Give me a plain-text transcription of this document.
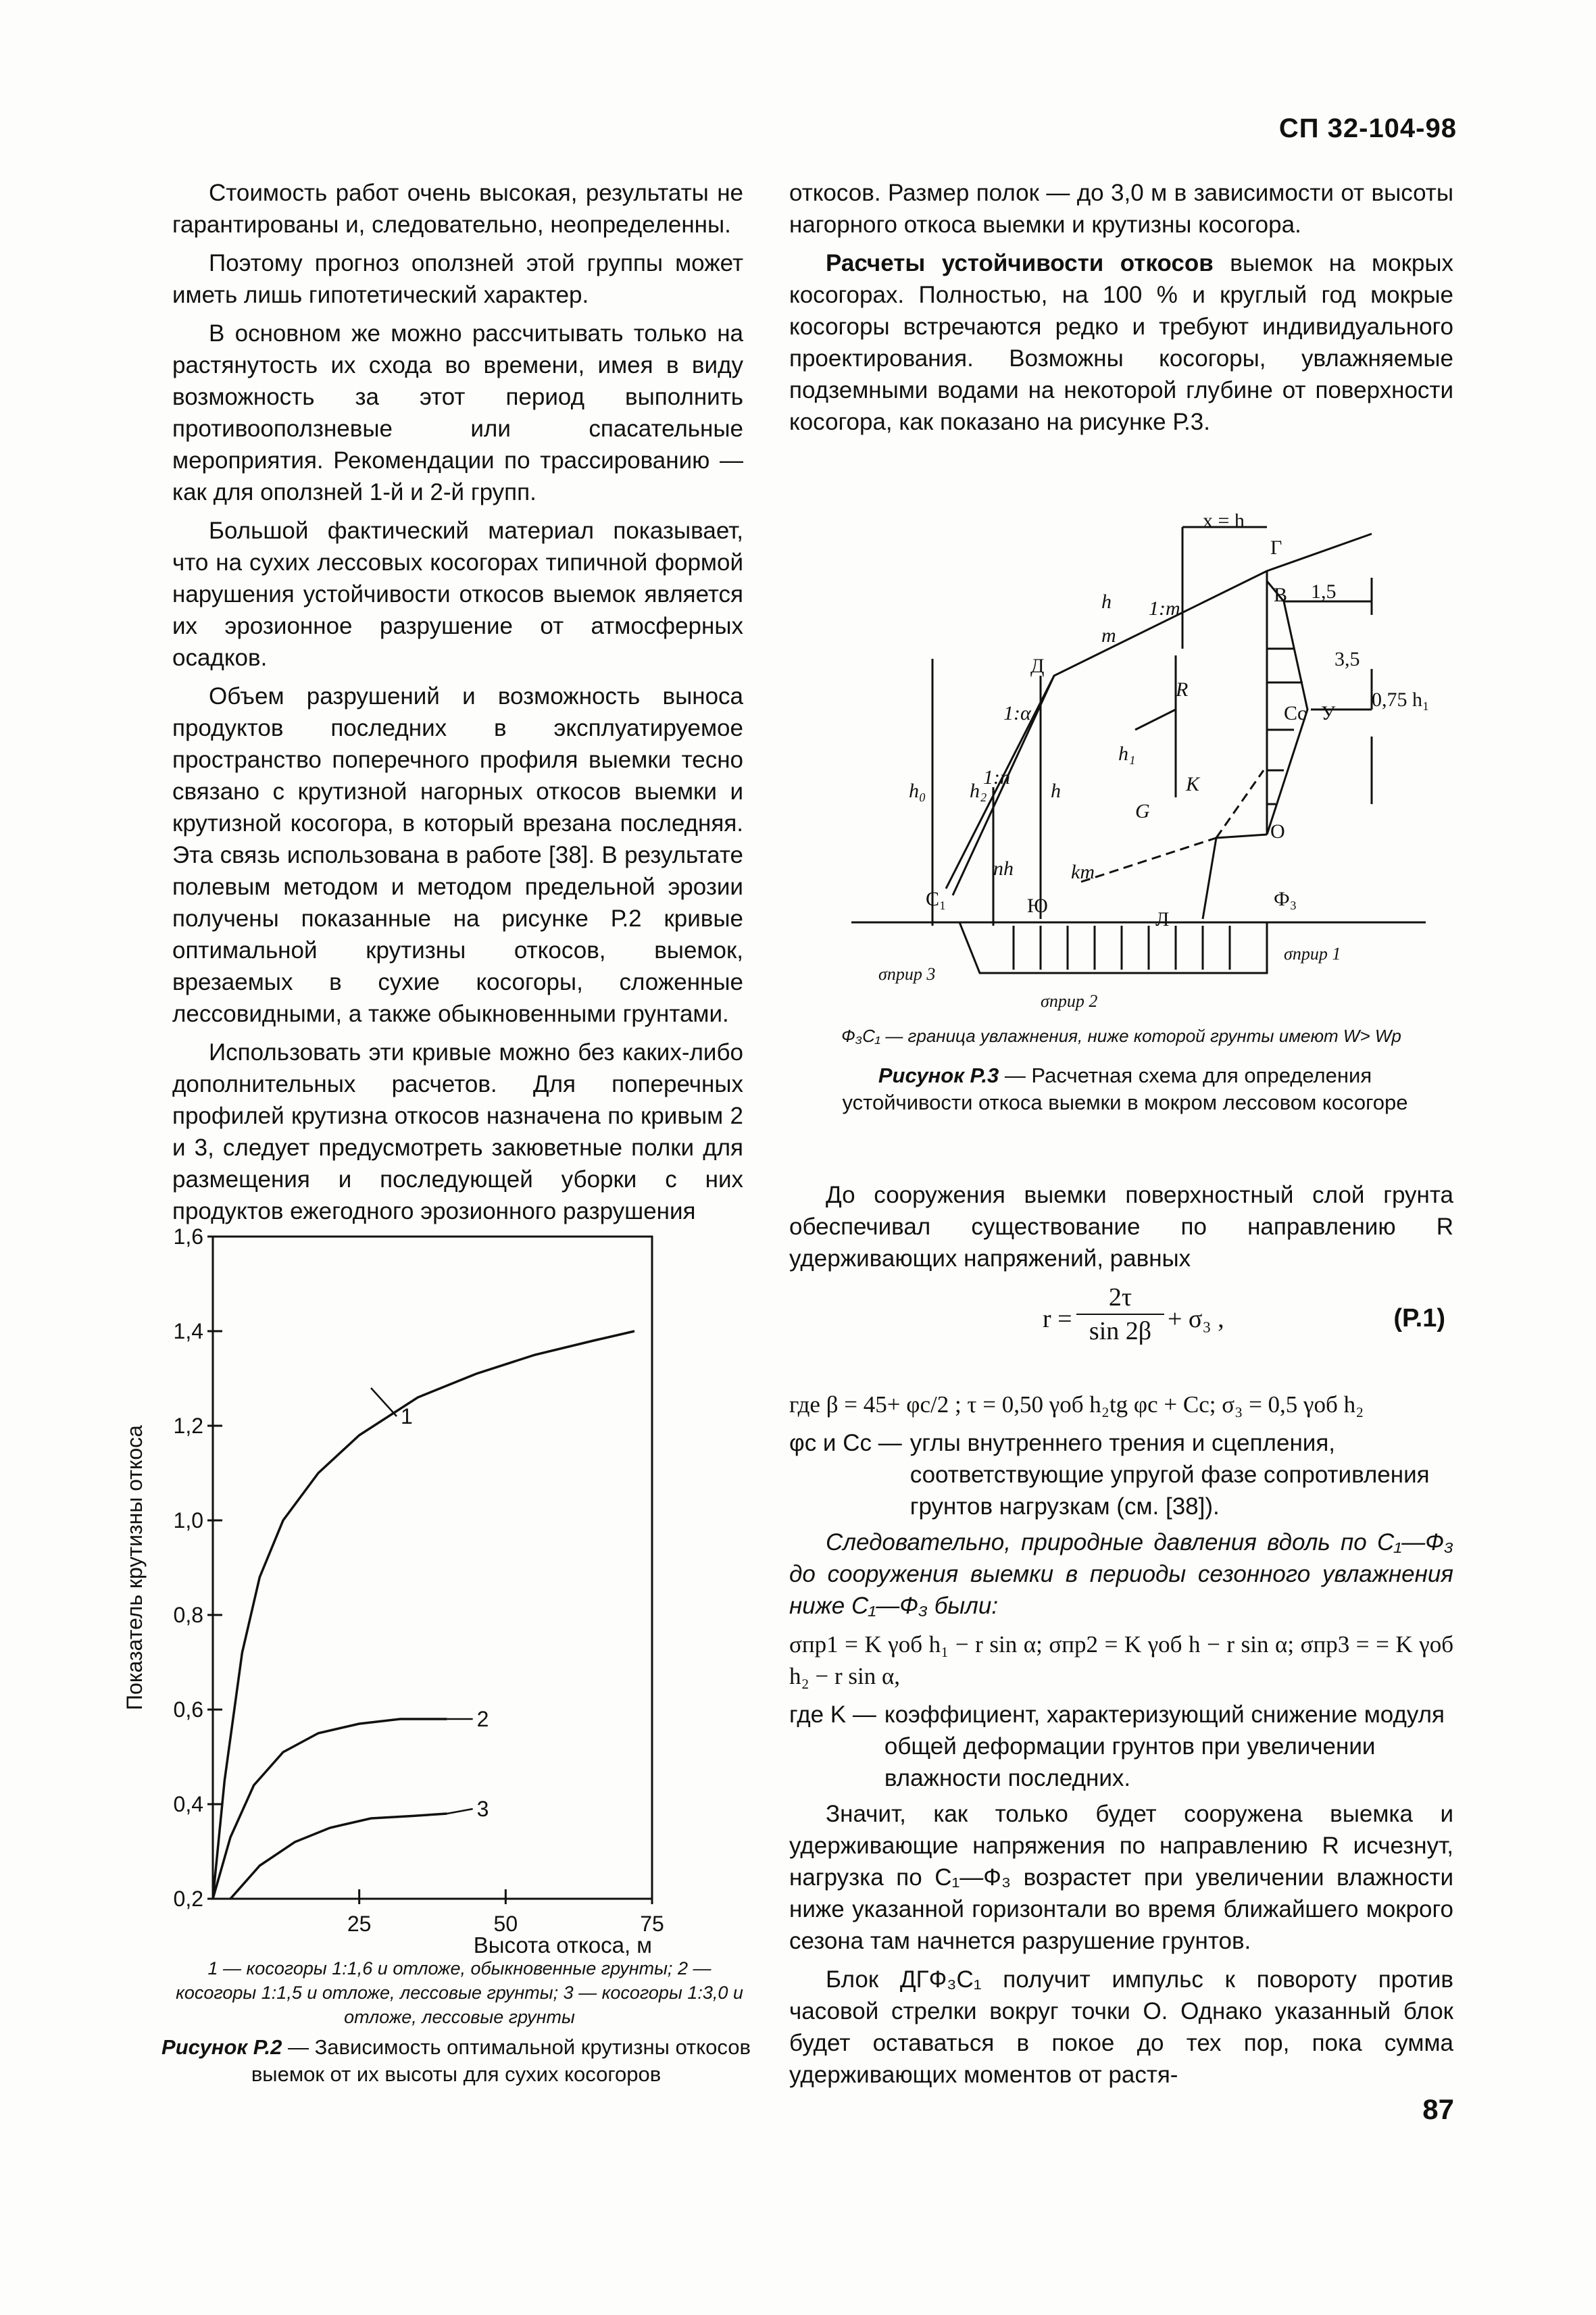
СП 32-104-98
87

Стоимость работ очень высокая, результаты не гарантированы и, следовательно, неопределенны.

Поэтому прогноз оползней этой группы может иметь лишь гипотетический характер.

В основном же можно рассчитывать только на растянутость их схода во времени, имея в виду возможность за этот период выполнить противооползневые или спасательные мероприятия. Рекомендации по трассированию — как для оползней 1-й и 2-й групп.

Большой фактический материал показывает, что на сухих лессовых косогорах типичной формой нарушения устойчивости откосов выемок является их эрозионное разрушение от атмосферных осадков.

Объем разрушений и возможность выноса продуктов последних в эксплуатируемое пространство поперечного профиля выемки тесно связано с крутизной нагорных откосов выемки и крутизной косогора, в который врезана последняя. Эта связь использована в работе [38]. В результате полевым методом и методом предельной эрозии получены показанные на рисунке Р.2 кривые оптимальной крутизны откосов, выемок, врезаемых в сухие косогоры, сложенные лессовидными, а также обыкновенными грунтами.

Использовать эти кривые можно без каких-либо дополнительных расчетов. Для поперечных профилей крутизна откосов назначена по кривым 2 и 3, следует предусмотреть закюветные полки для размещения и последующей уборки с них продуктов ежегодного эрозионного разрушения

Показатель крутизны откоса
0,2
0,4
0,6
0,8
1,0
1,2
1,4
1,6
25	50	75
1
2
3
Высота откоса, м
1 — косогоры 1:1,6 и отложе, обыкновенные грунты; 2 — косогоры 1:1,5 и отложе, лессовые грунты; 3 — косогоры 1:3,0 и отложе, лессовые грунты
Рисунок Р.2 — Зависимость оптимальной крутизны откосов выемок от их высоты для сухих косогоров

откосов. Размер полок — до 3,0 м в зависимости от высоты нагорного откоса выемки и крутизны косогора.

Расчеты устойчивости откосов выемок на мокрых косогорах. Полностью, на 100 % и круглый год мокрые косогоры встречаются редко и требуют индивидуального проектирования. Возможны косогоры, увлажняемые подземными водами на некоторой глубине от поверхности косогора, как показано на рисунке Р.3.

x = h
Г
В
Д
h
m
1:m
R
1,5
3,5
0,75 h₁
Cc У
1:α
1:n
h₀ h₂	h
h₁
K
G
О
nh	km
С₁	Ю
Л
Ф₃
σприр 1
σприр 2
σприр 3
Ф₃С₁ — граница увлажнения, ниже которой грунты имеют W> Wp
Рисунок Р.3 — Расчетная схема для определения устойчивости откоса выемки в мокром лессовом косогоре

До сооружения выемки поверхностный слой грунта обеспечивал существование по направлению R удерживающих напряжений, равных

$r = \frac{2\tau}{\sin 2\beta} + \sigma_3$ ,	(Р.1)

где β = 45+ φc/2 ; τ = 0,50 γоб h₂tg φc + Cc; σ₃ = 0,5 γоб h₂

φc и Cc — углы внутреннего трения и сцепления, соответствующие упругой фазе сопротивления грунтов нагрузкам (см. [38]).

Следовательно, природные давления вдоль по С₁—Ф₃ до сооружения выемки в периоды сезонного увлажнения ниже С₁—Ф₃ были:

σпр1 = K γоб h₁ − r sin α; σпр2 = K γоб h − r sin α; σпр3 = = K γоб h₂ − r sin α,

где K — коэффициент, характеризующий снижение модуля общей деформации грунтов при увеличении влажности последних.

Значит, как только будет сооружена выемка и удерживающие напряжения по направлению R исчезнут, нагрузка по С₁—Ф₃ возрастет при увеличении влажности ниже указанной горизонтали во время ближайшего мокрого сезона там начнется разрушение грунтов.

Блок ДГФ₃С₁ получит импульс к повороту против часовой стрелки вокруг точки О. Однако указанный блок будет оставаться в покое до тех пор, пока сумма удерживающих моментов от растя-
